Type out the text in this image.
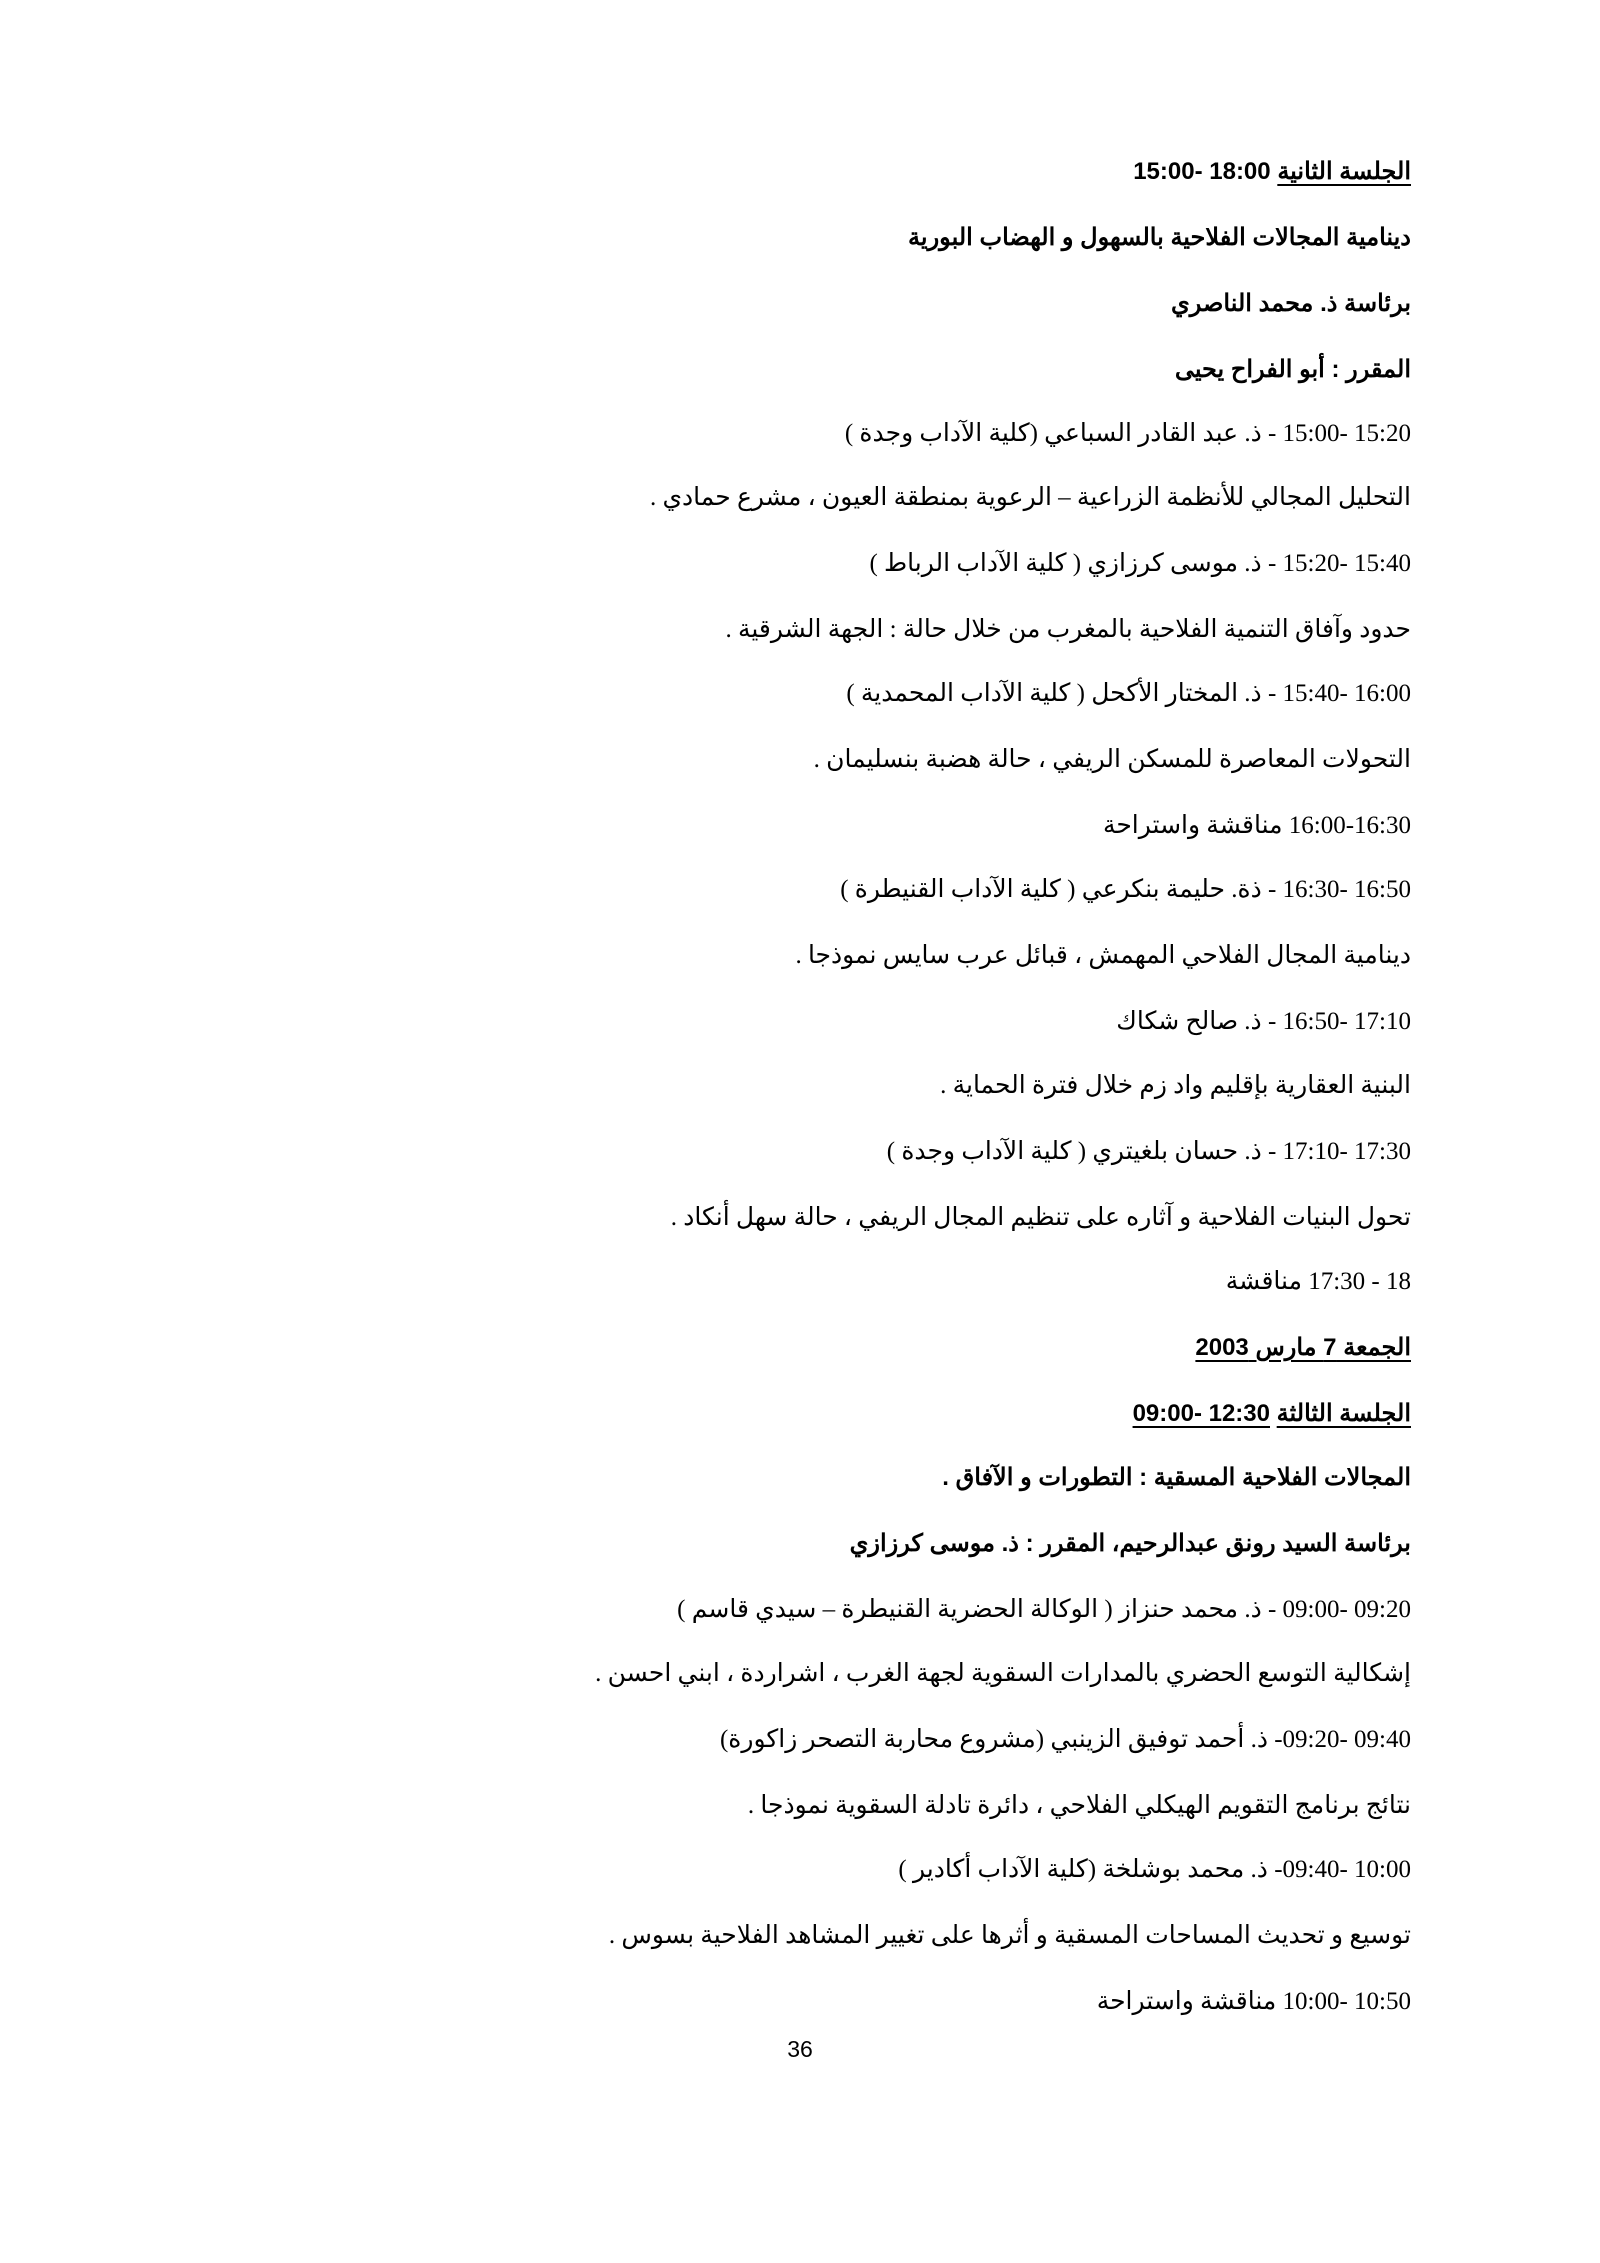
الجلسة الثانية 15:00- 18:00
دينامية المجالات الفلاحية بالسهول و الهضاب البورية
برئاسة ذ. محمد الناصري
المقرر : أبو الفراح يحيى
15:00- 15:20 - ذ. عبد القادر السباعي (كلية الآداب وجدة )
التحليل المجالي للأنظمة الزراعية – الرعوية بمنطقة العيون ، مشرع حمادي .
15:20- 15:40 - ذ. موسى كرزازي ( كلية الآداب الرباط )
حدود وآفاق التنمية الفلاحية بالمغرب من خلال حالة : الجهة الشرقية .
15:40- 16:00 - ذ. المختار الأكحل ( كلية الآداب المحمدية )
التحولات المعاصرة للمسكن الريفي ، حالة هضبة بنسليمان .
16:00-16:30 مناقشة واستراحة
16:30- 16:50 - ذة. حليمة بنكرعي ( كلية الآداب القنيطرة )
دينامية المجال الفلاحي المهمش ، قبائل عرب سايس نموذجا .
16:50- 17:10 - ذ. صالح شكاك
البنية العقارية بإقليم واد زم خلال فترة الحماية .
17:10- 17:30 - ذ. حسان بلغيتري ( كلية الآداب وجدة )
تحول البنيات الفلاحية و آثاره على تنظيم المجال الريفي ، حالة سهل أنكاد .
17:30 - 18 مناقشة
الجمعة 7 مارس 2003
الجلسة الثالثة 09:00- 12:30
المجالات الفلاحية المسقية : التطورات و الآفاق .
برئاسة السيد رونق عبدالرحيم، المقرر : ذ. موسى كرزازي
09:00- 09:20 - ذ. محمد حنزاز ( الوكالة الحضرية القنيطرة – سيدي قاسم )
إشكالية التوسع الحضري بالمدارات السقوية لجهة الغرب ، اشراردة ، ابني احسن .
09:20- 09:40- ذ. أحمد توفيق الزينبي (مشروع محاربة التصحر زاكورة)
نتائج برنامج التقويم الهيكلي الفلاحي ، دائرة تادلة السقوية نموذجا .
09:40- 10:00- ذ. محمد بوشلخة (كلية الآداب أكادير )
توسيع و تحديث المساحات المسقية و أثرها على تغيير المشاهد الفلاحية بسوس .
10:00- 10:50 مناقشة واستراحة
36
